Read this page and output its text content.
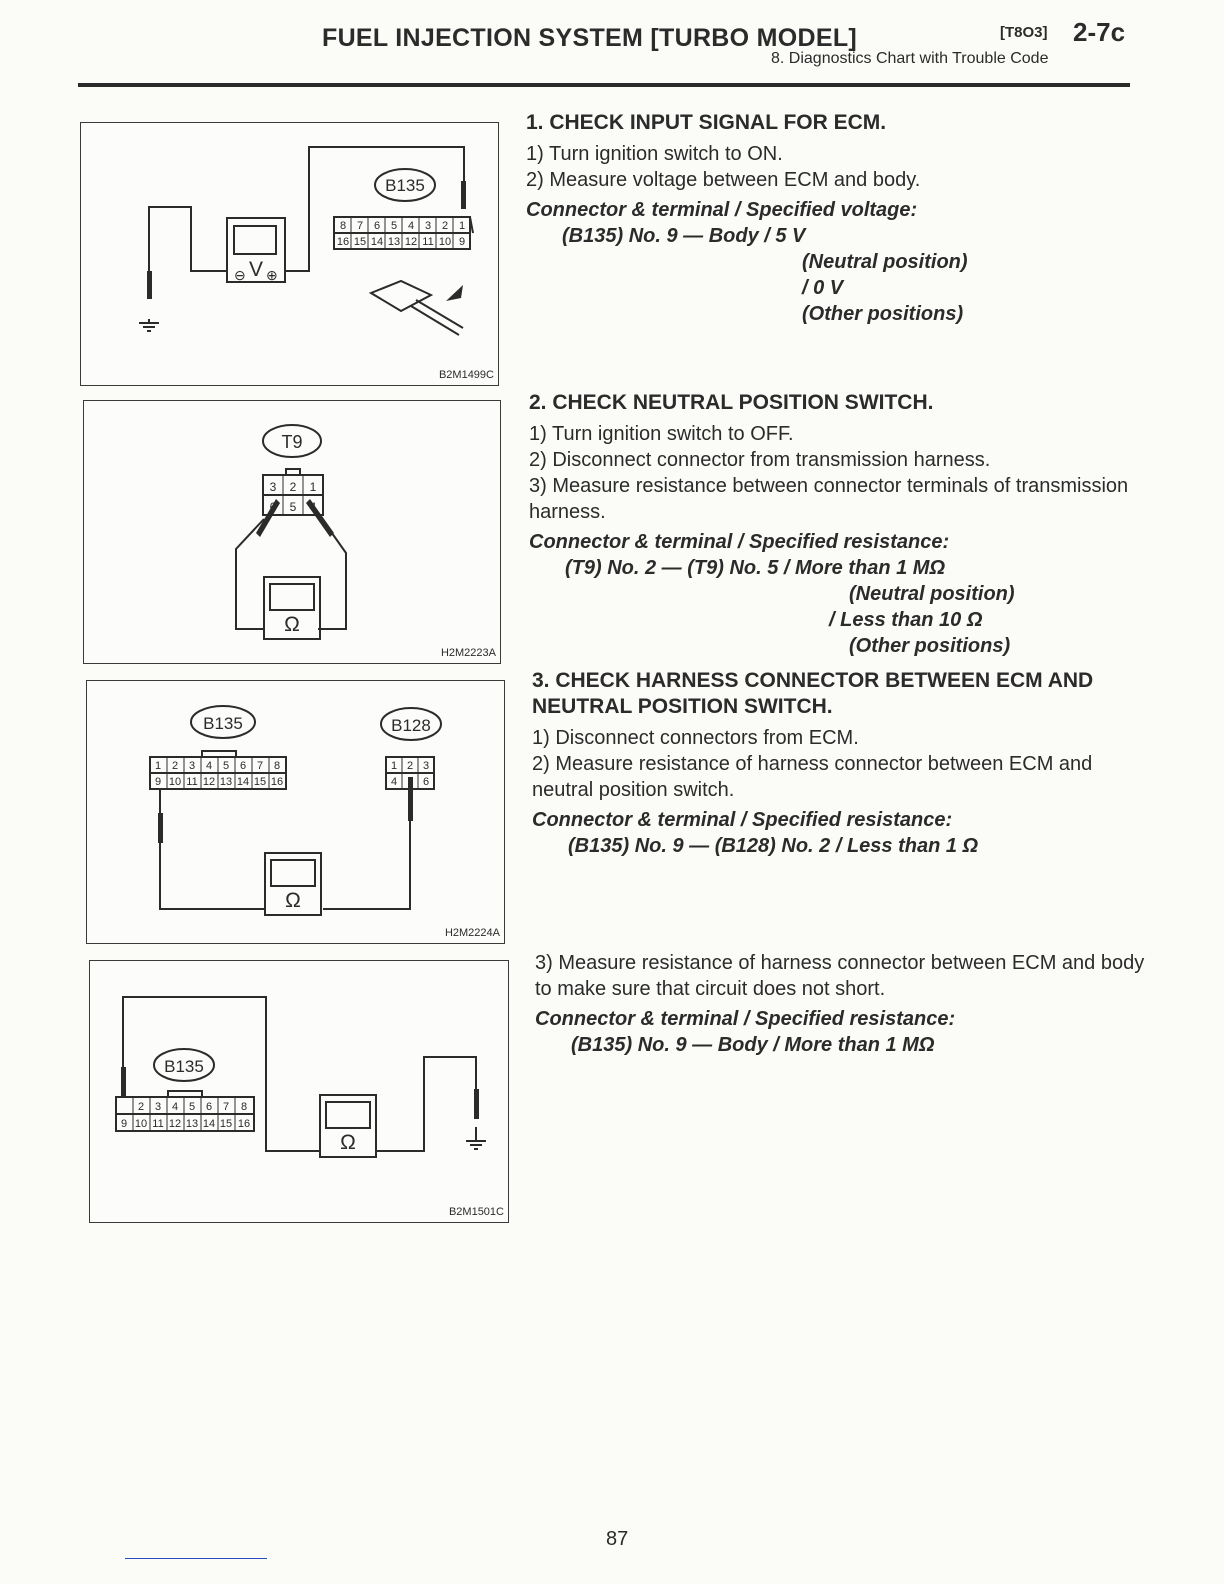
FUEL INJECTION SYSTEM [TURBO MODEL]	[T8O3] 2-7c
8. Diagnostics Chart with Trouble Code
B135
V
⊖ ⊕
8 7 6 5 4 3 2 1
16 15 14 13 12 11 10 9
B2M1499C
T9
Ω
3 2 1
6 5 4
H2M2223A
B135	B128
Ω
1 2 3 4 5 6 7 8
9 10 11 12 13 14 15 16
1 2 3
4 6
H2M2224A
B135
Ω
2 3 4 5 6 7 8
9 10 11 12 13 14 15 16
B2M1501C
1. CHECK INPUT SIGNAL FOR ECM.

1) Turn ignition switch to ON.

2) Measure voltage between ECM and body.

Connector & terminal / Specified voltage:
(B135) No. 9 — Body / 5 V
(Neutral position)
/ 0 V
(Other positions)
2. CHECK NEUTRAL POSITION SWITCH.

1) Turn ignition switch to OFF.

2) Disconnect connector from transmission harness.

3) Measure resistance between connector terminals of transmission harness.

Connector & terminal / Specified resistance:
(T9) No. 2 — (T9) No. 5 / More than 1 MΩ
(Neutral position)
/ Less than 10 Ω
(Other positions)
3. CHECK HARNESS CONNECTOR BETWEEN ECM AND NEUTRAL POSITION SWITCH.

1) Disconnect connectors from ECM.

2) Measure resistance of harness connector between ECM and neutral position switch.

Connector & terminal / Specified resistance:
(B135) No. 9 — (B128) No. 2 / Less than 1 Ω

3) Measure resistance of harness connector between ECM and body to make sure that circuit does not short.

Connector & terminal / Specified resistance:
(B135) No. 9 — Body / More than 1 MΩ
87
